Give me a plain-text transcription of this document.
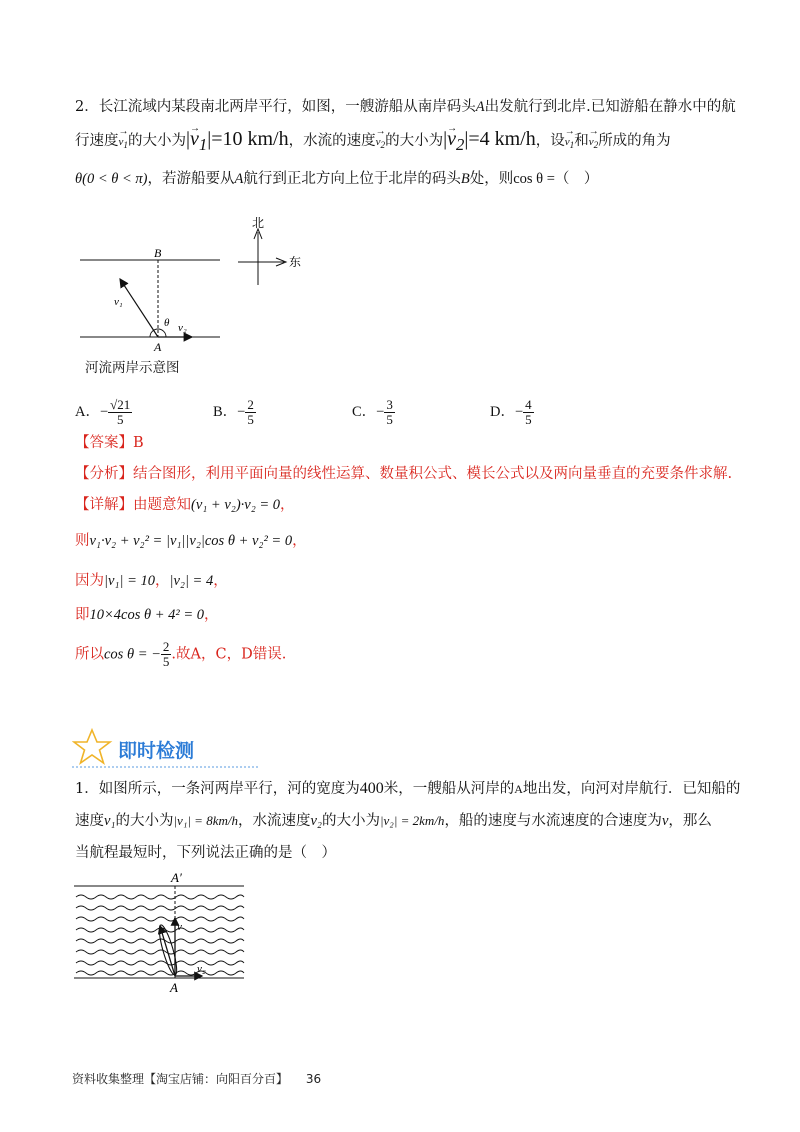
2．长江流域内某段南北两岸平行，如图，一艘游船从南岸码头A出发航行到北岸.已知游船在静水中的航
行速度→ $v_1$的大小为|→ $v_1|=10$ km/h，水流的速度→ $v_2$的大小为|→ $v_2|=4$ km/h，设→ $v_1$和→ $v_2$所成的角为
θ(0 < θ < π)，若游船要从A航行到正北方向上位于北岸的码头B处，则cos θ =（　）
B
A
v₁
θ v₂
北
东
河流两岸示意图
A．− $\frac{√21}{5}$	B．− $\frac{2}{5}$	C．− $\frac{3}{5}$	D．− $\frac{4}{5}$
【答案】B
【分析】结合图形，利用平面向量的线性运算、数量积公式、模长公式以及两向量垂直的充要条件求解.
【详解】由题意知(v₁ + v₂)·v₂ = 0，
则v₁·v₂ + v₂² = |v₁||v₂|cos θ + v₂² = 0，
因为|v₁| = 10，|v₂| = 4，
即10×4cos θ + 4² = 0，
所以cos θ = − $\frac{2}{5}$ .故A，C，D错误.
即时检测
1．如图所示，一条河两岸平行，河的宽度为400米，一艘船从河岸的A地出发，向河对岸航行．已知船的
速度v₁的大小为|v₁| = 8km/h，水流速度v₂的大小为|v₂| = 2km/h，船的速度与水流速度的合速度为v，那么
当航程最短时，下列说法正确的是（　）
A′
v
v₂
A
资料收集整理【淘宝店铺：向阳百分百】 36
